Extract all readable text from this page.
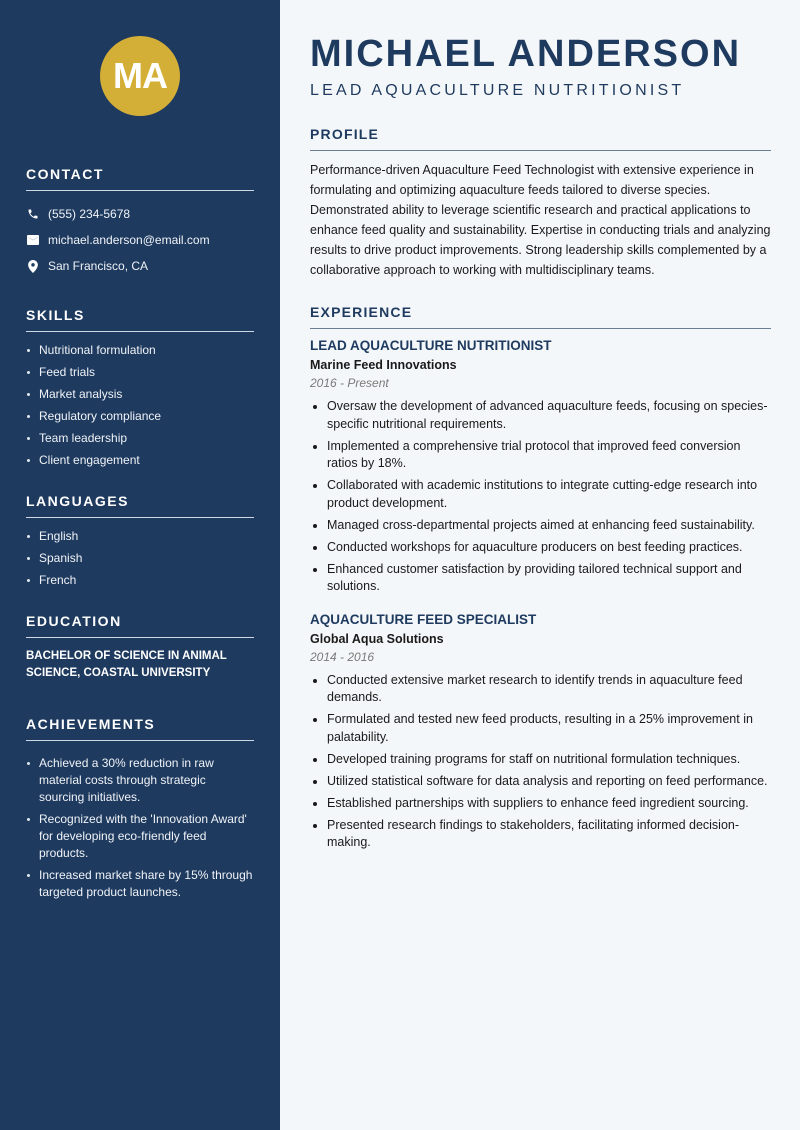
MA
CONTACT
(555) 234-5678
michael.anderson@email.com
San Francisco, CA
SKILLS
Nutritional formulation
Feed trials
Market analysis
Regulatory compliance
Team leadership
Client engagement
LANGUAGES
English
Spanish
French
EDUCATION

BACHELOR OF SCIENCE IN ANIMAL SCIENCE, COASTAL UNIVERSITY

ACHIEVEMENTS
Achieved a 30% reduction in raw material costs through strategic sourcing initiatives.
Recognized with the 'Innovation Award' for developing eco-friendly feed products.
Increased market share by 15% through targeted product launches.
MICHAEL ANDERSON
LEAD AQUACULTURE NUTRITIONIST
PROFILE

Performance-driven Aquaculture Feed Technologist with extensive experience in formulating and optimizing aquaculture feeds tailored to diverse species. Demonstrated ability to leverage scientific research and practical applications to enhance feed quality and sustainability. Expertise in conducting trials and analyzing results to drive product improvements. Strong leadership skills complemented by a collaborative approach to working with multidisciplinary teams.

EXPERIENCE
LEAD AQUACULTURE NUTRITIONIST
Marine Feed Innovations
2016 - Present
Oversaw the development of advanced aquaculture feeds, focusing on species-specific nutritional requirements.
Implemented a comprehensive trial protocol that improved feed conversion ratios by 18%.
Collaborated with academic institutions to integrate cutting-edge research into product development.
Managed cross-departmental projects aimed at enhancing feed sustainability.
Conducted workshops for aquaculture producers on best feeding practices.
Enhanced customer satisfaction by providing tailored technical support and solutions.
AQUACULTURE FEED SPECIALIST
Global Aqua Solutions
2014 - 2016
Conducted extensive market research to identify trends in aquaculture feed demands.
Formulated and tested new feed products, resulting in a 25% improvement in palatability.
Developed training programs for staff on nutritional formulation techniques.
Utilized statistical software for data analysis and reporting on feed performance.
Established partnerships with suppliers to enhance feed ingredient sourcing.
Presented research findings to stakeholders, facilitating informed decision-making.
